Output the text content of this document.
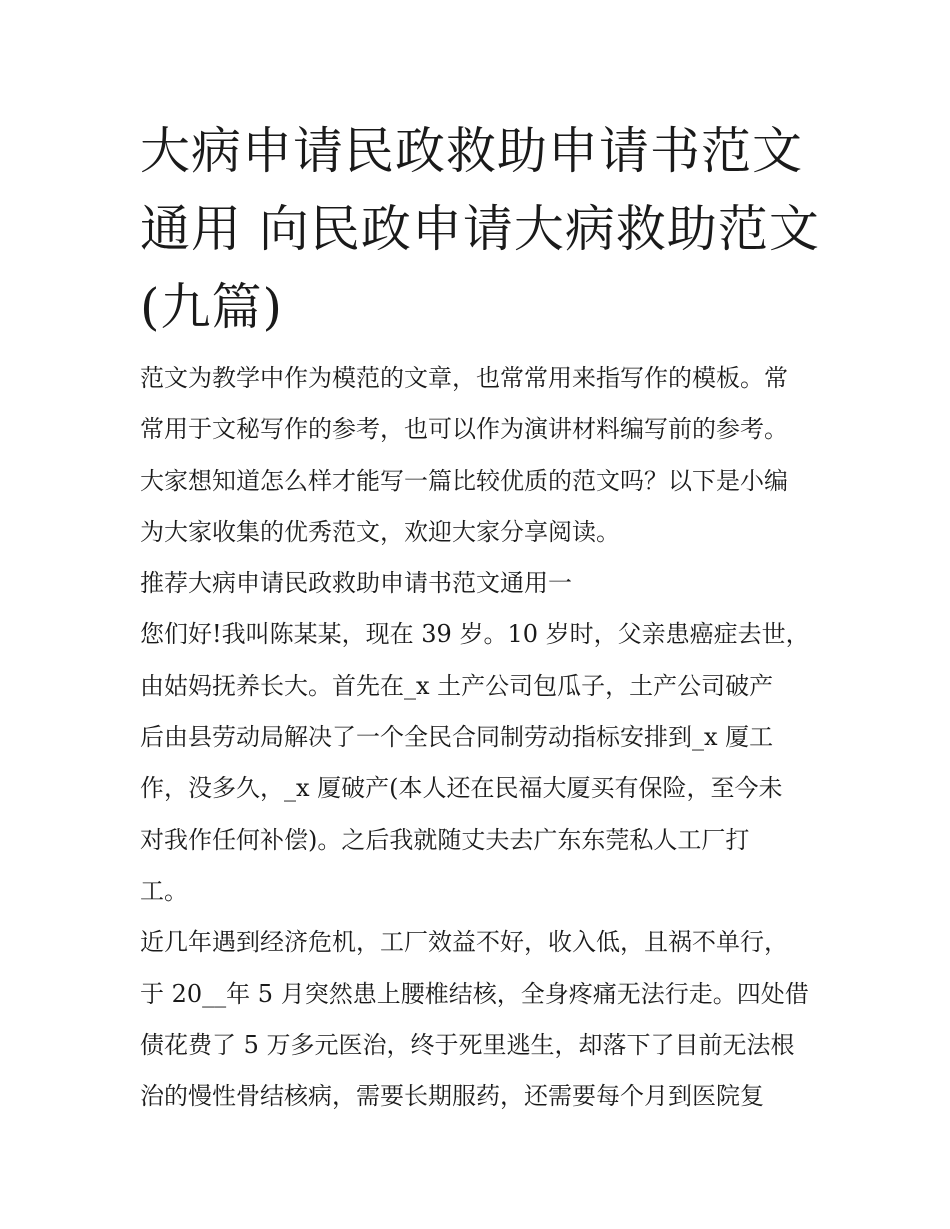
大病申请民政救助申请书范文
通用 向民政申请大病救助范文
(九篇)
范文为教学中作为模范的文章，也常常用来指写作的模板。常
常用于文秘写作的参考，也可以作为演讲材料编写前的参考。
大家想知道怎么样才能写一篇比较优质的范文吗？以下是小编
为大家收集的优秀范文，欢迎大家分享阅读。
推荐大病申请民政救助申请书范文通用一
您们好!我叫陈某某，现在 39 岁。10 岁时，父亲患癌症去世，
由姑妈抚养长大。首先在_x 土产公司包瓜子，土产公司破产
后由县劳动局解决了一个全民合同制劳动指标安排到_x 厦工
作，没多久，_x 厦破产(本人还在民福大厦买有保险，至今未
对我作任何补偿)。之后我就随丈夫去广东东莞私人工厂打
工。
近几年遇到经济危机，工厂效益不好，收入低，且祸不单行，
于 20__年 5 月突然患上腰椎结核，全身疼痛无法行走。四处借
债花费了 5 万多元医治，终于死里逃生，却落下了目前无法根
治的慢性骨结核病，需要长期服药，还需要每个月到医院复
